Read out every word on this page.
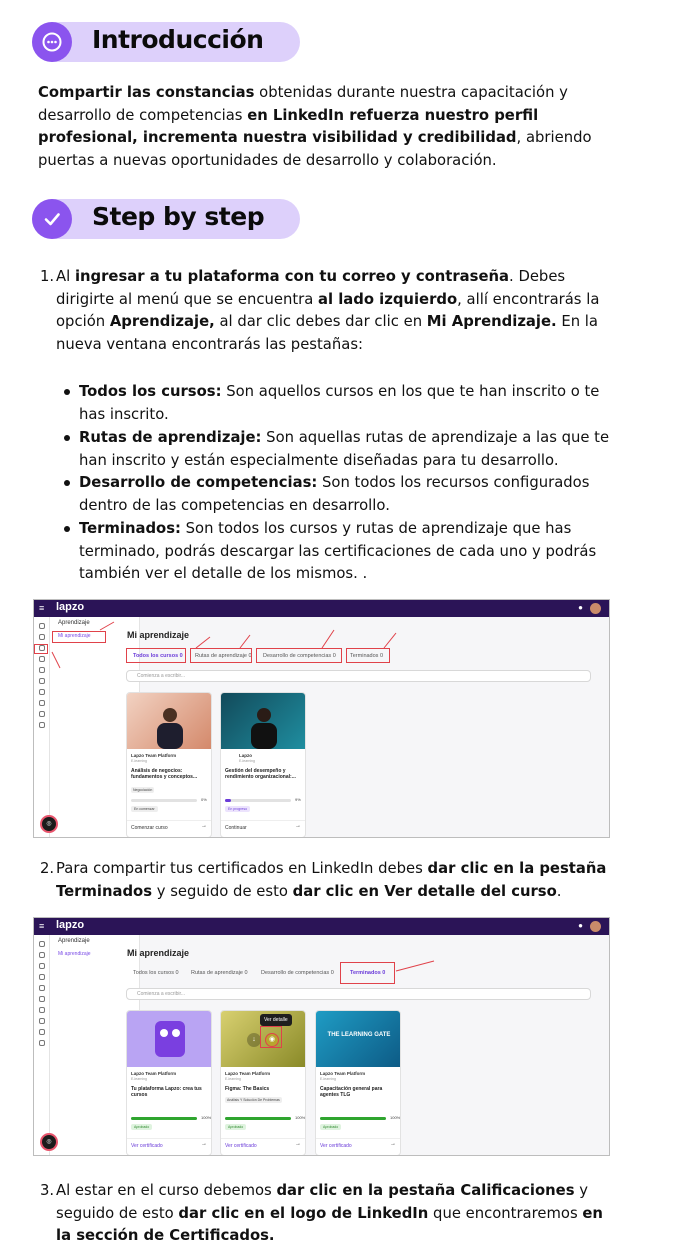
Introducción

Compartir las constancias obtenidas durante nuestra capacitación y desarrollo de competencias en LinkedIn refuerza nuestro perfil profesional, incrementa nuestra visibilidad y credibilidad, abriendo puertas a nuevas oportunidades de desarrollo y colaboración.

Step by step
1. Al ingresar a tu plataforma con tu correo y contraseña. Debes dirigirte al menú que se encuentra al lado izquierdo, allí encontrarás la opción Aprendizaje, al dar clic debes dar clic en Mi Aprendizaje. En la nueva ventana encontrarás las pestañas:

Todos los cursos: Son aquellos cursos en los que te han inscrito o te has inscrito.

Rutas de aprendizaje: Son aquellas rutas de aprendizaje a las que te han inscrito y están especialmente diseñadas para tu desarrollo.

Desarrollo de competencias: Son todos los recursos configurados dentro de las competencias en desarrollo.

Terminados: Son todos los cursos y rutas de aprendizaje que has terminado, podrás descargar las certificaciones de cada uno y podrás también ver el detalle de los mismos. .

≡ lapzo	●
Aprendizaje
Mi aprendizaje
◎
Mi aprendizaje
Todos los cursos 0 Rutas de aprendizaje 0 Desarrollo de competencias 0	Terminados 0
Comienza a escribir...
Lapzo Team Platform
E-learning
Análisis de negocios: fundamentos y conceptos...
Negociación
0%
En comenzar
Comenzar curso	→
Lapzo
E-learning
Gestión del desempeño y rendimiento organizacional:...
9%
En progreso
Continuar	→
2. Para compartir tus certificados en LinkedIn debes dar clic en la pestaña Terminados y seguido de esto dar clic en Ver detalle del curso.

≡ lapzo	●
Aprendizaje
Mi aprendizaje
◎
Mi aprendizaje
Todos los cursos 0 Rutas de aprendizaje 0 Desarrollo de competencias 0	Terminados 0
Comienza a escribir...
Lapzo Team Platform
E-learning
Tu plataforma Lapzo: crea tus cursos
100%
Aprobado
Ver certificado	→
◉
↓
Lapzo Team Platform
E-learning
Figma: The Basics
Análisis Y Solución De Problemas
100%
Aprobado
Ver certificado	→
Ver detalle
THE LEARNING GATE
Lapzo Team Platform
E-learning
Capacitación general para agentes TLG
100%
Aprobado
Ver certificado	→
3. Al estar en el curso debemos dar clic en la pestaña Calificaciones y seguido de esto dar clic en el logo de LinkedIn que encontraremos en la sección de Certificados.
